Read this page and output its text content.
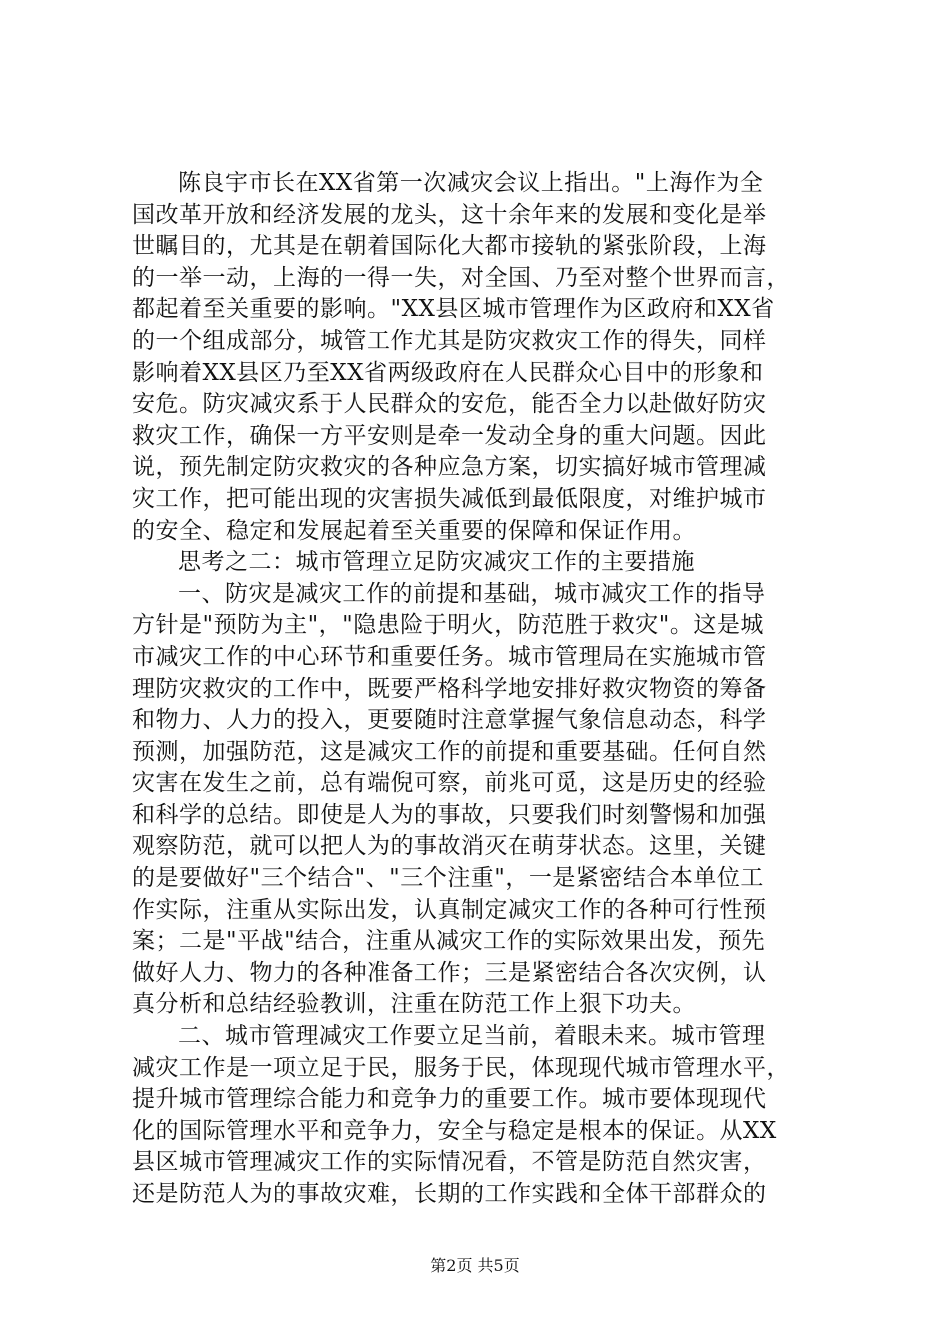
陈良宇市长在XX省第一次减灾会议上指出。"上海作为全
国改革开放和经济发展的龙头，这十余年来的发展和变化是举
世瞩目的，尤其是在朝着国际化大都市接轨的紧张阶段，上海
的一举一动，上海的一得一失，对全国、乃至对整个世界而言，
都起着至关重要的影响。"XX县区城市管理作为区政府和XX省
的一个组成部分，城管工作尤其是防灾救灾工作的得失，同样
影响着XX县区乃至XX省两级政府在人民群众心目中的形象和
安危。防灾减灾系于人民群众的安危，能否全力以赴做好防灾
救灾工作，确保一方平安则是牵一发动全身的重大问题。因此
说，预先制定防灾救灾的各种应急方案，切实搞好城市管理减
灾工作，把可能出现的灾害损失减低到最低限度，对维护城市
的安全、稳定和发展起着至关重要的保障和保证作用。
思考之二：城市管理立足防灾减灾工作的主要措施
一、防灾是减灾工作的前提和基础，城市减灾工作的指导
方针是"预防为主"，"隐患险于明火，防范胜于救灾"。这是城
市减灾工作的中心环节和重要任务。城市管理局在实施城市管
理防灾救灾的工作中，既要严格科学地安排好救灾物资的筹备
和物力、人力的投入，更要随时注意掌握气象信息动态，科学
预测，加强防范，这是减灾工作的前提和重要基础。任何自然
灾害在发生之前，总有端倪可察，前兆可觅，这是历史的经验
和科学的总结。即使是人为的事故，只要我们时刻警惕和加强
观察防范，就可以把人为的事故消灭在萌芽状态。这里，关键
的是要做好"三个结合"、"三个注重"，一是紧密结合本单位工
作实际，注重从实际出发，认真制定减灾工作的各种可行性预
案；二是"平战"结合，注重从减灾工作的实际效果出发，预先
做好人力、物力的各种准备工作；三是紧密结合各次灾例，认
真分析和总结经验教训，注重在防范工作上狠下功夫。
二、城市管理减灾工作要立足当前，着眼未来。城市管理
减灾工作是一项立足于民，服务于民，体现现代城市管理水平，
提升城市管理综合能力和竞争力的重要工作。城市要体现现代
化的国际管理水平和竞争力，安全与稳定是根本的保证。从XX
县区城市管理减灾工作的实际情况看，不管是防范自然灾害，
还是防范人为的事故灾难，长期的工作实践和全体干部群众的
第2页 共5页
